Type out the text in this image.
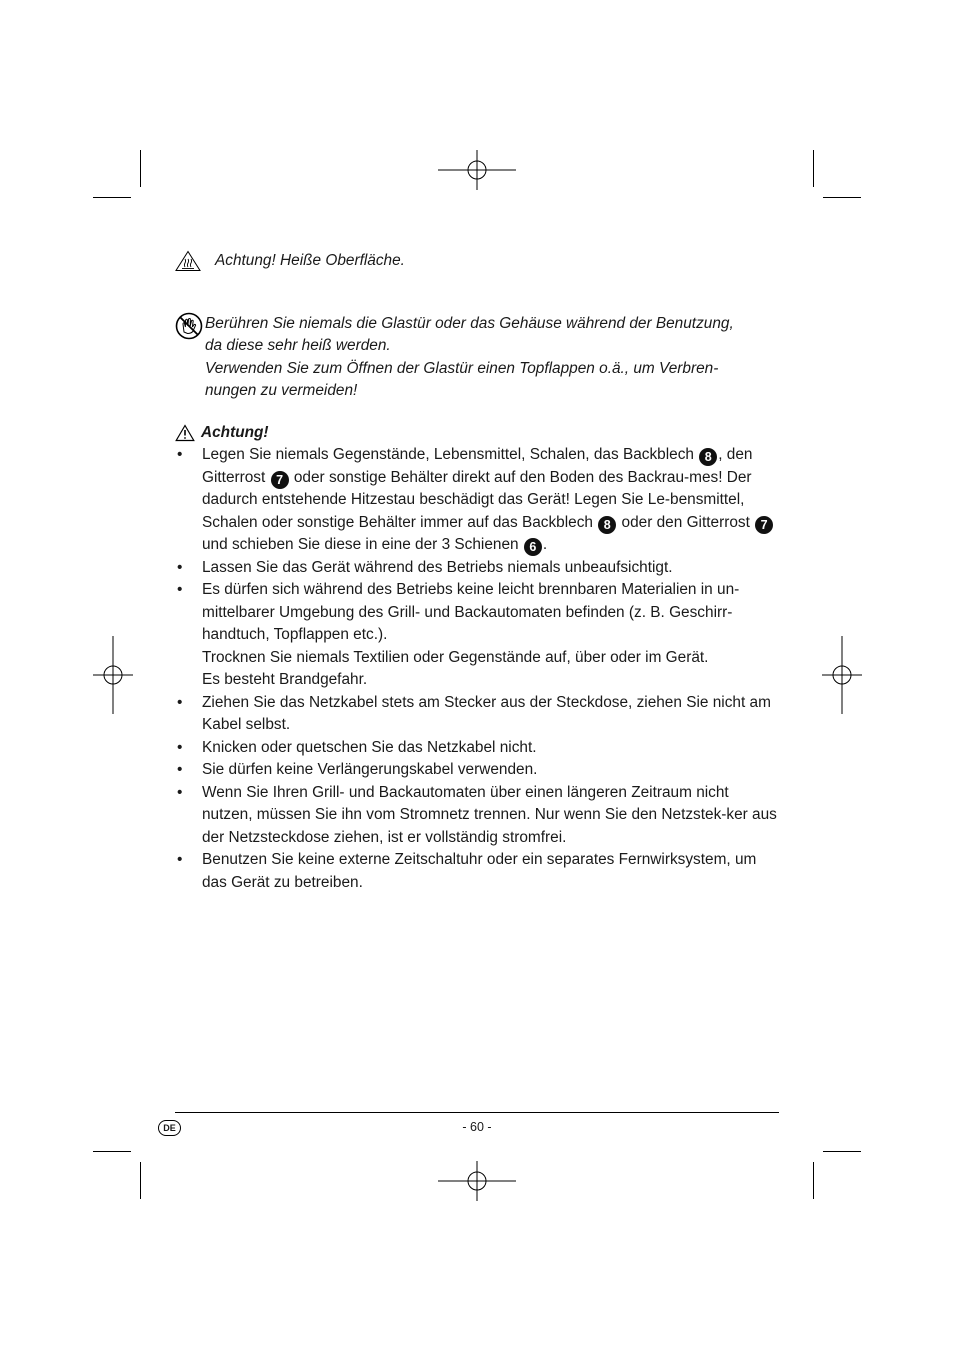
Achtung! Heiße Oberfläche.
Berühren Sie niemals die Glastür oder das Gehäuse während der Benutzung,
da diese sehr heiß werden.
Verwenden Sie zum Öffnen der Glastür einen Topflappen o.ä., um Verbren-
nungen zu vermeiden!
Achtung!
• Legen Sie niemals Gegenstände, Lebensmittel, Schalen, das Backblech 8 , den Gitterrost 7 oder sonstige Behälter direkt auf den Boden des Backrau-mes! Der dadurch entstehende Hitzestau beschädigt das Gerät! Legen Sie Le-bensmittel, Schalen oder sonstige Behälter immer auf das Backblech 8 oder den Gitterrost 7 und schieben Sie diese in eine der 3 Schienen 6 .
• Lassen Sie das Gerät während des Betriebs niemals unbeaufsichtigt.
• Es dürfen sich während des Betriebs keine leicht brennbaren Materialien in un-mittelbarer Umgebung des Grill- und Backautomaten befinden (z. B. Geschirr-handtuch, Topflappen etc.).
Trocknen Sie niemals Textilien oder Gegenstände auf, über oder im Gerät.
Es besteht Brandgefahr.
• Ziehen Sie das Netzkabel stets am Stecker aus der Steckdose, ziehen Sie nicht am Kabel selbst.
• Knicken oder quetschen Sie das Netzkabel nicht.
• Sie dürfen keine Verlängerungskabel verwenden.
• Wenn Sie Ihren Grill- und Backautomaten über einen längeren Zeitraum nicht nutzen, müssen Sie ihn vom Stromnetz trennen. Nur wenn Sie den Netzstek-ker aus der Netzsteckdose ziehen, ist er vollständig stromfrei.
• Benutzen Sie keine externe Zeitschaltuhr oder ein separates Fernwirksystem, um das Gerät zu betreiben.
DE	- 60 -
